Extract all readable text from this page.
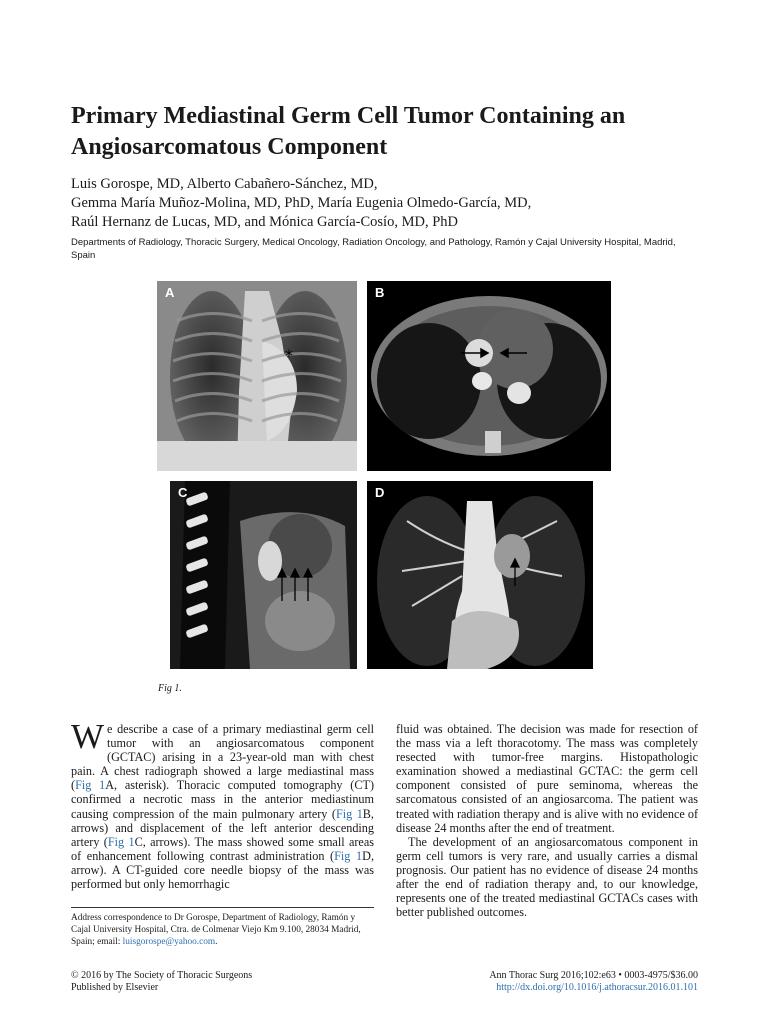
Primary Mediastinal Germ Cell Tumor Containing an Angiosarcomatous Component
Luis Gorospe, MD, Alberto Cabañero-Sánchez, MD,
Gemma María Muñoz-Molina, MD, PhD, María Eugenia Olmedo-García, MD,
Raúl Hernanz de Lucas, MD, and Mónica García-Cosío, MD, PhD
Departments of Radiology, Thoracic Surgery, Medical Oncology, Radiation Oncology, and Pathology, Ramón y Cajal University Hospital, Madrid, Spain
*
A	B
C	D
Fig 1.

We describe a case of a primary mediastinal germ cell tumor with an angiosarcomatous component (GCTAC) arising in a 23-year-old man with chest pain. A chest radiograph showed a large mediastinal mass (Fig 1A, asterisk). Thoracic computed tomography (CT) confirmed a necrotic mass in the anterior mediastinum causing compression of the main pulmonary artery (Fig 1B, arrows) and displacement of the left anterior descending artery (Fig 1C, arrows). The mass showed some small areas of enhancement following contrast administration (Fig 1D, arrow). A CT-guided core needle biopsy of the mass was performed but only hemorrhagic

fluid was obtained. The decision was made for resection of the mass via a left thoracotomy. The mass was completely resected with tumor-free margins. Histopathologic examination showed a mediastinal GCTAC: the germ cell component consisted of pure seminoma, whereas the sarcomatous consisted of an angiosarcoma. The patient was treated with radiation therapy and is alive with no evidence of disease 24 months after the end of treatment.

The development of an angiosarcomatous component in germ cell tumors is very rare, and usually carries a dismal prognosis. Our patient has no evidence of disease 24 months after the end of radiation therapy and, to our knowledge, represents one of the treated mediastinal GCTACs cases with better published outcomes.

Address correspondence to Dr Gorospe, Department of Radiology, Ramón y Cajal University Hospital, Ctra. de Colmenar Viejo Km 9.100, 28034 Madrid, Spain; email: luisgorospe@yahoo.com.
© 2016 by The Society of Thoracic Surgeons
Published by Elsevier
Ann Thorac Surg 2016;102:e63 • 0003-4975/$36.00
http://dx.doi.org/10.1016/j.athoracsur.2016.01.101
